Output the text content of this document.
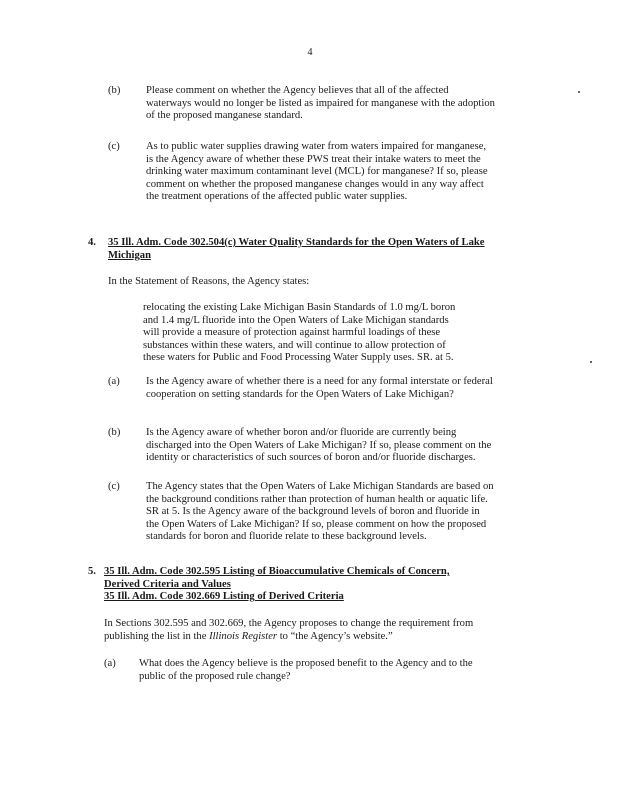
4
(b)	Please comment on whether the Agency believes that all of the affected
waterways would no longer be listed as impaired for manganese with the adoption
of the proposed manganese standard.
(c)	As to public water supplies drawing water from waters impaired for manganese,
is the Agency aware of whether these PWS treat their intake waters to meet the
drinking water maximum contaminant level (MCL) for manganese? If so, please
comment on whether the proposed manganese changes would in any way affect
the treatment operations of the affected public water supplies.
4. 35 Ill. Adm. Code 302.504(c) Water Quality Standards for the Open Waters of Lake
Michigan
In the Statement of Reasons, the Agency states:
relocating the existing Lake Michigan Basin Standards of 1.0 mg/L boron
and 1.4 mg/L fluoride into the Open Waters of Lake Michigan standards
will provide a measure of protection against harmful loadings of these
substances within these waters, and will continue to allow protection of
these waters for Public and Food Processing Water Supply uses. SR. at 5.
(a)	Is the Agency aware of whether there is a need for any formal interstate or federal
cooperation on setting standards for the Open Waters of Lake Michigan?
(b)	Is the Agency aware of whether boron and/or fluoride are currently being
discharged into the Open Waters of Lake Michigan? If so, please comment on the
identity or characteristics of such sources of boron and/or fluoride discharges.
(c)	The Agency states that the Open Waters of Lake Michigan Standards are based on
the background conditions rather than protection of human health or aquatic life.
SR at 5. Is the Agency aware of the background levels of boron and fluoride in
the Open Waters of Lake Michigan? If so, please comment on how the proposed
standards for boron and fluoride relate to these background levels.
5. 35 Ill. Adm. Code 302.595 Listing of Bioaccumulative Chemicals of Concern,
Derived Criteria and Values
35 Ill. Adm. Code 302.669 Listing of Derived Criteria
In Sections 302.595 and 302.669, the Agency proposes to change the requirement from
publishing the list in the Illinois Register to “the Agency’s website.”
(a)	What does the Agency believe is the proposed benefit to the Agency and to the
public of the proposed rule change?
